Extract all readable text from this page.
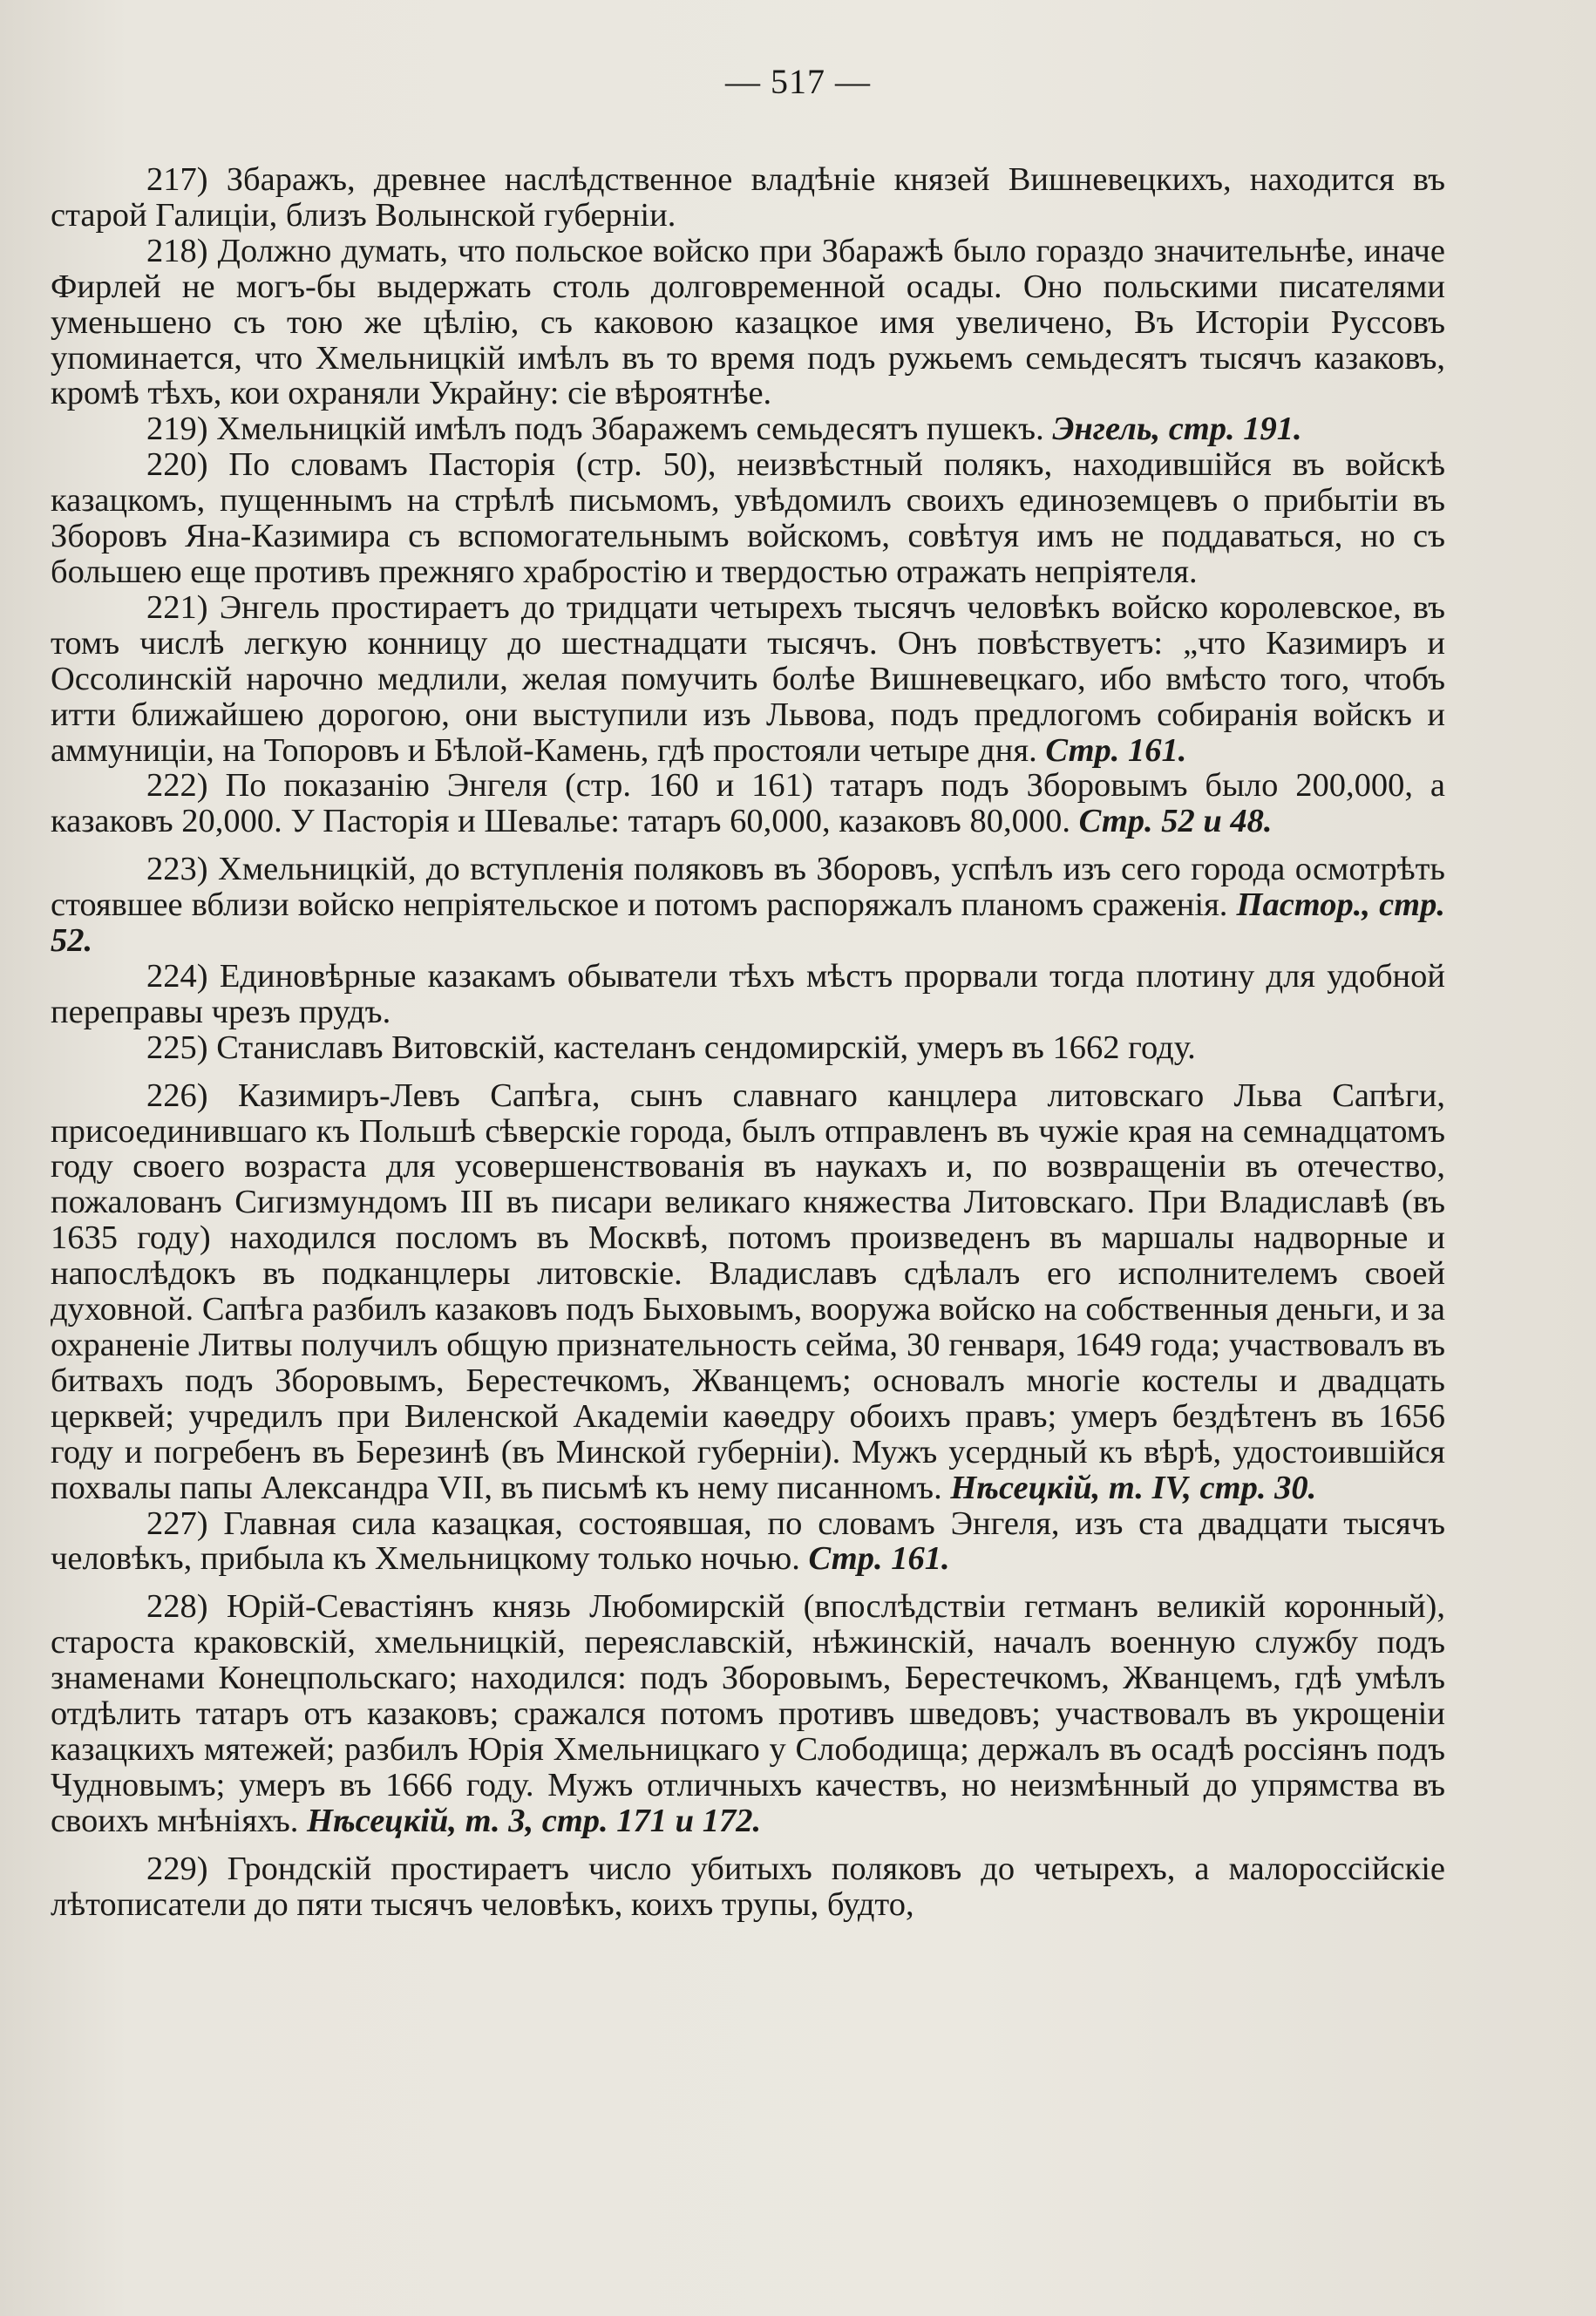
— 517 —

217) Збаражъ, древнее наслѣдственное владѣніе князей Вишневецкихъ, находится въ старой Галиціи, близъ Волынской губерніи.

218) Должно думать, что польское войско при Збаражѣ было гораздо значительнѣе, иначе Фирлей не могъ-бы выдержать столь долговременной осады. Оно польскими писателями уменьшено съ тою же цѣлію, съ каковою казацкое имя увеличено, Въ Исторіи Руссовъ упоминается, что Хмельницкій имѣлъ въ то время подъ ружьемъ семьдесятъ тысячъ казаковъ, кромѣ тѣхъ, кои охраняли Украйну: сіе вѣроятнѣе.

219) Хмельницкій имѣлъ подъ Збаражемъ семьдесятъ пушекъ. Энгель, стр. 191.

220) По словамъ Пасторія (стр. 50), неизвѣстный полякъ, находившійся въ войскѣ казацкомъ, пущеннымъ на стрѣлѣ письмомъ, увѣдомилъ своихъ единоземцевъ о прибытіи въ Зборовъ Яна-Казимира съ вспомогательнымъ войскомъ, совѣтуя имъ не поддаваться, но съ большею еще противъ прежняго храбростію и твердостью отражать непріятеля.

221) Энгель простираетъ до тридцати четырехъ тысячъ человѣкъ войско королевское, въ томъ числѣ легкую конницу до шестнадцати тысячъ. Онъ повѣствуетъ: „что Казимиръ и Оссолинскій нарочно медлили, желая помучить болѣе Вишневецкаго, ибо вмѣсто того, чтобъ итти ближайшею дорогою, они выступили изъ Львова, подъ предлогомъ собиранія войскъ и аммуниціи, на Топоровъ и Бѣлой-Камень, гдѣ простояли четыре дня. Стр. 161.

222) По показанію Энгеля (стр. 160 и 161) татаръ подъ Зборовымъ было 200,000, а казаковъ 20,000. У Пасторія и Шевалье: татаръ 60,000, казаковъ 80,000. Стр. 52 и 48.

223) Хмельницкій, до вступленія поляковъ въ Зборовъ, успѣлъ изъ сего города осмотрѣть стоявшее вблизи войско непріятельское и потомъ распоряжалъ планомъ сраженія. Пастор., стр. 52.

224) Единовѣрные казакамъ обыватели тѣхъ мѣстъ прорвали тогда плотину для удобной переправы чрезъ прудъ.

225) Станиславъ Витовскій, кастеланъ сендомирскій, умеръ въ 1662 году.

226) Казимиръ-Левъ Сапѣга, сынъ славнаго канцлера литовскаго Льва Сапѣги, присоединившаго къ Польшѣ сѣверскіе города, былъ отправленъ въ чужіе края на семнадцатомъ году своего возраста для усовершенствованія въ наукахъ и, по возвращеніи въ отечество, пожалованъ Сигизмундомъ III въ писари великаго княжества Литовскаго. При Владиславѣ (въ 1635 году) находился посломъ въ Москвѣ, потомъ произведенъ въ маршалы надворные и напослѣдокъ въ подканцлеры литовскіе. Владиславъ сдѣлалъ его исполнителемъ своей духовной. Сапѣга разбилъ казаковъ подъ Быховымъ, вооружа войско на собственныя деньги, и за охраненіе Литвы получилъ общую признательность сейма, 30 генваря, 1649 года; участвовалъ въ битвахъ подъ Зборовымъ, Берестечкомъ, Жванцемъ; основалъ многіе костелы и двадцать церквей; учредилъ при Виленской Академіи каѳедру обоихъ правъ; умеръ бездѣтенъ въ 1656 году и погребенъ въ Березинѣ (въ Минской губерніи). Мужъ усердный къ вѣрѣ, удостоившійся похвалы папы Александра VII, въ письмѣ къ нему писанномъ. Нѣсецкій, т. IV, стр. 30.

227) Главная сила казацкая, состоявшая, по словамъ Энгеля, изъ ста двадцати тысячъ человѣкъ, прибыла къ Хмельницкому только ночью. Стр. 161.

228) Юрій-Севастіянъ князь Любомирскій (впослѣдствіи гетманъ великій коронный), староста краковскій, хмельницкій, переяславскій, нѣжинскій, началъ военную службу подъ знаменами Конецпольскаго; находился: подъ Зборовымъ, Берестечкомъ, Жванцемъ, гдѣ умѣлъ отдѣлить татаръ отъ казаковъ; сражался потомъ противъ шведовъ; участвовалъ въ укрощеніи казацкихъ мятежей; разбилъ Юрія Хмельницкаго у Слободища; держалъ въ осадѣ россіянъ подъ Чудновымъ; умеръ въ 1666 году. Мужъ отличныхъ качествъ, но неизмѣнный до упрямства въ своихъ мнѣніяхъ. Нѣсецкій, т. 3, стр. 171 и 172.

229) Грондскій простираетъ число убитыхъ поляковъ до четырехъ, а малороссійскіе лѣтописатели до пяти тысячъ человѣкъ, коихъ трупы, будто,
